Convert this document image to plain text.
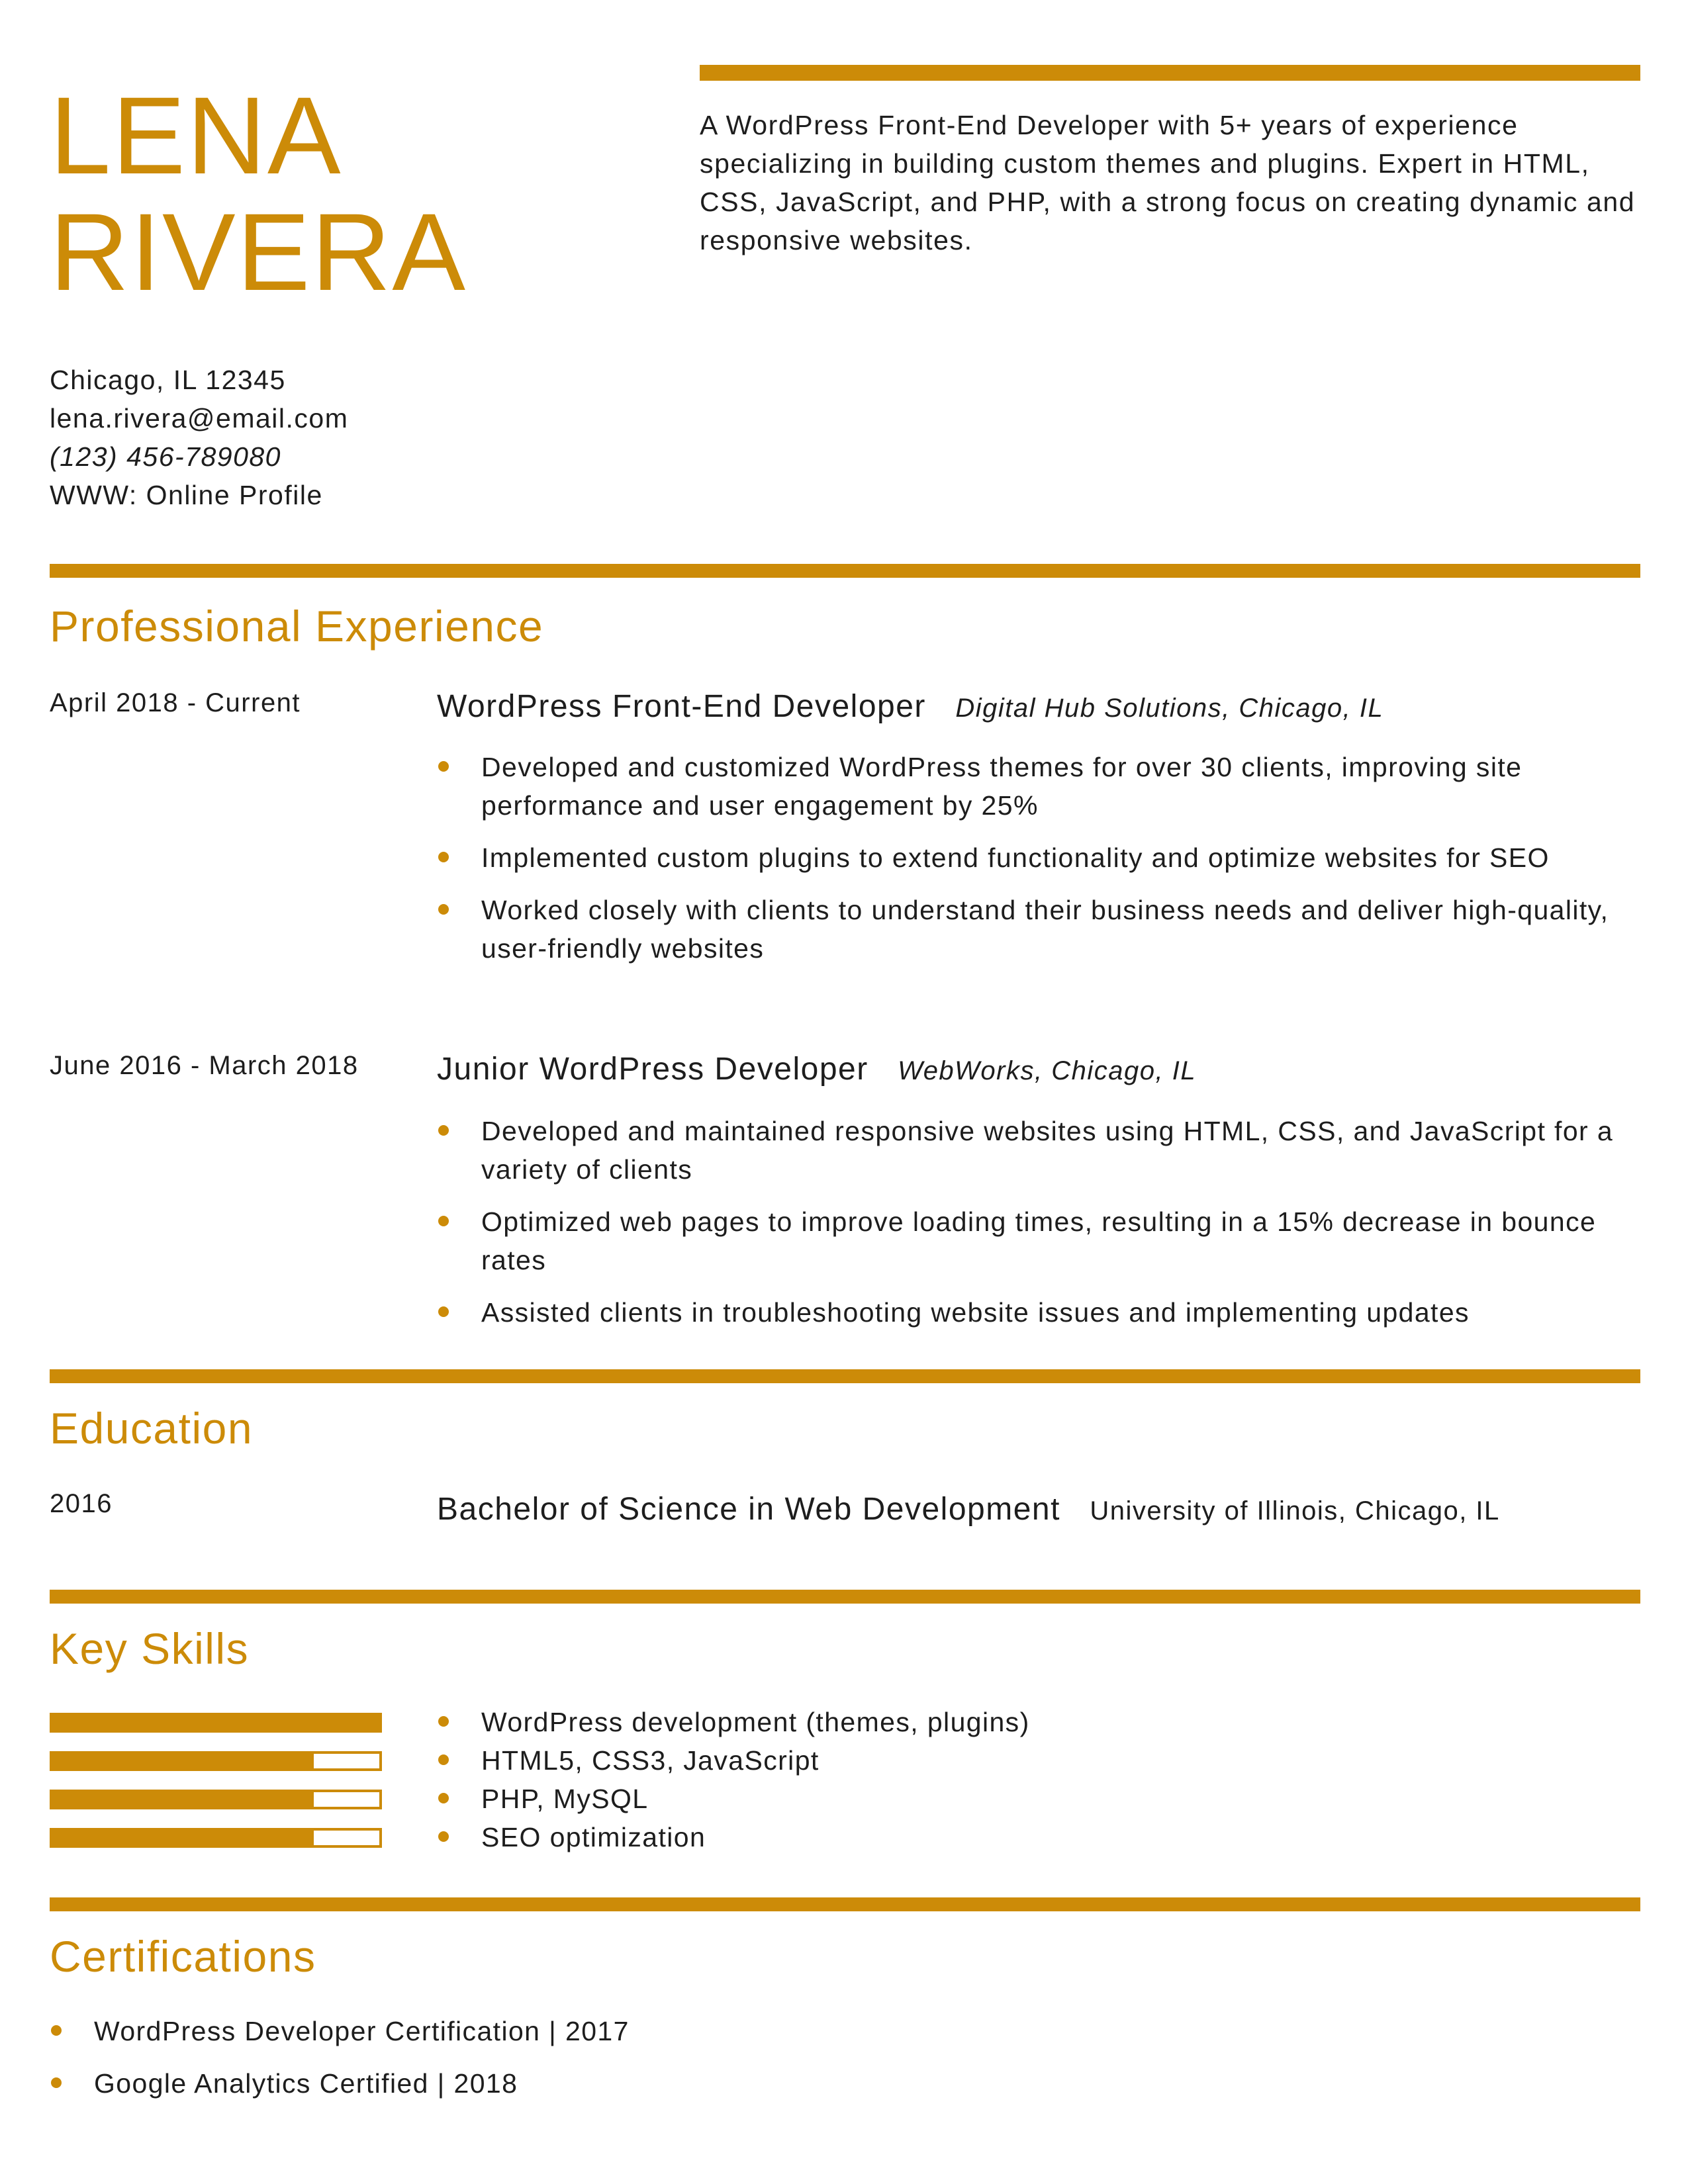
LENA
RIVERA
A WordPress Front-End Developer with 5+ years of experience specializing in building custom themes and plugins. Expert in HTML, CSS, JavaScript, and PHP, with a strong focus on creating dynamic and responsive websites.
Chicago, IL 12345
lena.rivera@email.com
(123) 456-789080
WWW: Online Profile
Professional Experience
April 2018 - Current	WordPress Front-End Developer Digital Hub Solutions, Chicago, IL
Developed and customized WordPress themes for over 30 clients, improving site performance and user engagement by 25%
Implemented custom plugins to extend functionality and optimize websites for SEO
Worked closely with clients to understand their business needs and deliver high-quality, user-friendly websites
June 2016 - March 2018 Junior WordPress Developer WebWorks, Chicago, IL
Developed and maintained responsive websites using HTML, CSS, and JavaScript for a variety of clients
Optimized web pages to improve loading times, resulting in a 15% decrease in bounce rates
Assisted clients in troubleshooting website issues and implementing updates
Education
2016	Bachelor of Science in Web Development University of Illinois, Chicago, IL
Key Skills
WordPress development (themes, plugins)
HTML5, CSS3, JavaScript
PHP, MySQL
SEO optimization
Certifications
WordPress Developer Certification | 2017
Google Analytics Certified | 2018
